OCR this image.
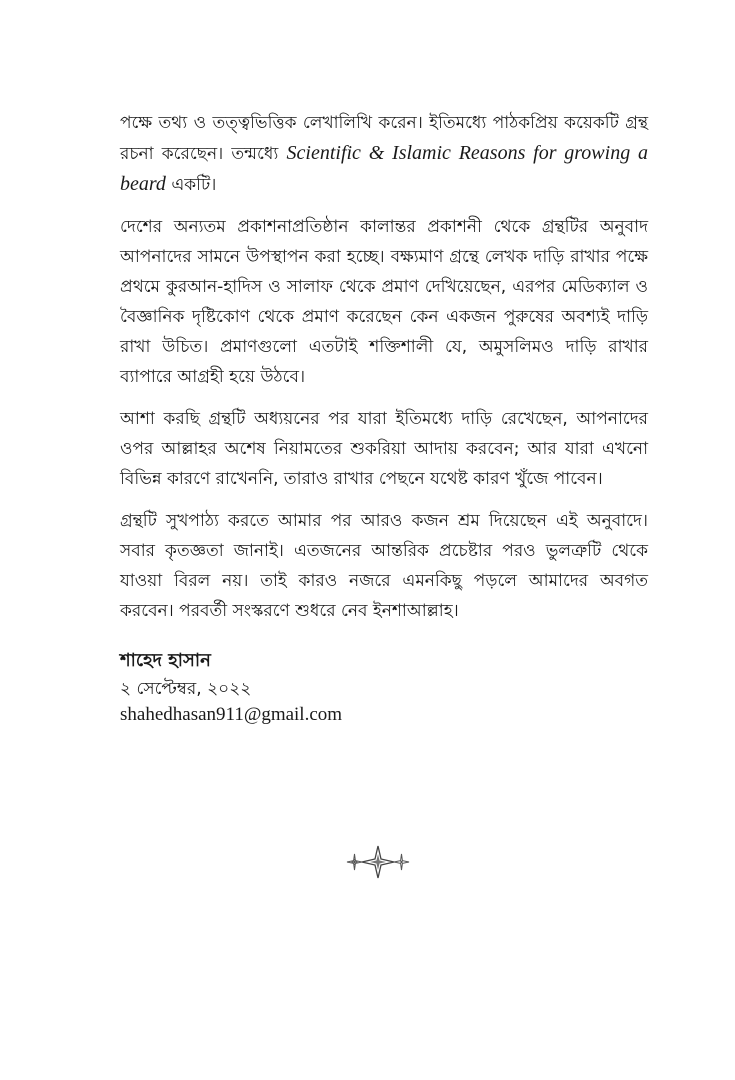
পক্ষে তথ্য ও তত্ত্বভিত্তিক লেখালিখি করেন। ইতিমধ্যে পাঠকপ্রিয় কয়েকটি গ্রন্থ রচনা করেছেন। তন্মধ্যে Scientific & Islamic Reasons for growing a beard একটি।

দেশের অন্যতম প্রকাশনাপ্রতিষ্ঠান কালান্তর প্রকাশনী থেকে গ্রন্থটির অনুবাদ আপনাদের সামনে উপস্থাপন করা হচ্ছে। বক্ষ্যমাণ গ্রন্থে লেখক দাড়ি রাখার পক্ষে প্রথমে কুরআন-হাদিস ও সালাফ থেকে প্রমাণ দেখিয়েছেন, এরপর মেডিক্যাল ও বৈজ্ঞানিক দৃষ্টিকোণ থেকে প্রমাণ করেছেন কেন একজন পুরুষের অবশ্যই দাড়ি রাখা উচিত। প্রমাণগুলো এতটাই শক্তিশালী যে, অমুসলিমও দাড়ি রাখার ব্যাপারে আগ্রহী হয়ে উঠবে।

আশা করছি গ্রন্থটি অধ্যয়নের পর যারা ইতিমধ্যে দাড়ি রেখেছেন, আপনাদের ওপর আল্লাহর অশেষ নিয়ামতের শুকরিয়া আদায় করবেন; আর যারা এখনো বিভিন্ন কারণে রাখেননি, তারাও রাখার পেছনে যথেষ্ট কারণ খুঁজে পাবেন।

গ্রন্থটি সুখপাঠ্য করতে আমার পর আরও কজন শ্রম দিয়েছেন এই অনুবাদে। সবার কৃতজ্ঞতা জানাই। এতজনের আন্তরিক প্রচেষ্টার পরও ভুলত্রুটি থেকে যাওয়া বিরল নয়। তাই কারও নজরে এমনকিছু পড়লে আমাদের অবগত করবেন। পরবর্তী সংস্করণে শুধরে নেব ইনশাআল্লাহ।

শাহেদ হাসান
২ সেপ্টেম্বর, ২০২২
shahedhasan911@gmail.com
